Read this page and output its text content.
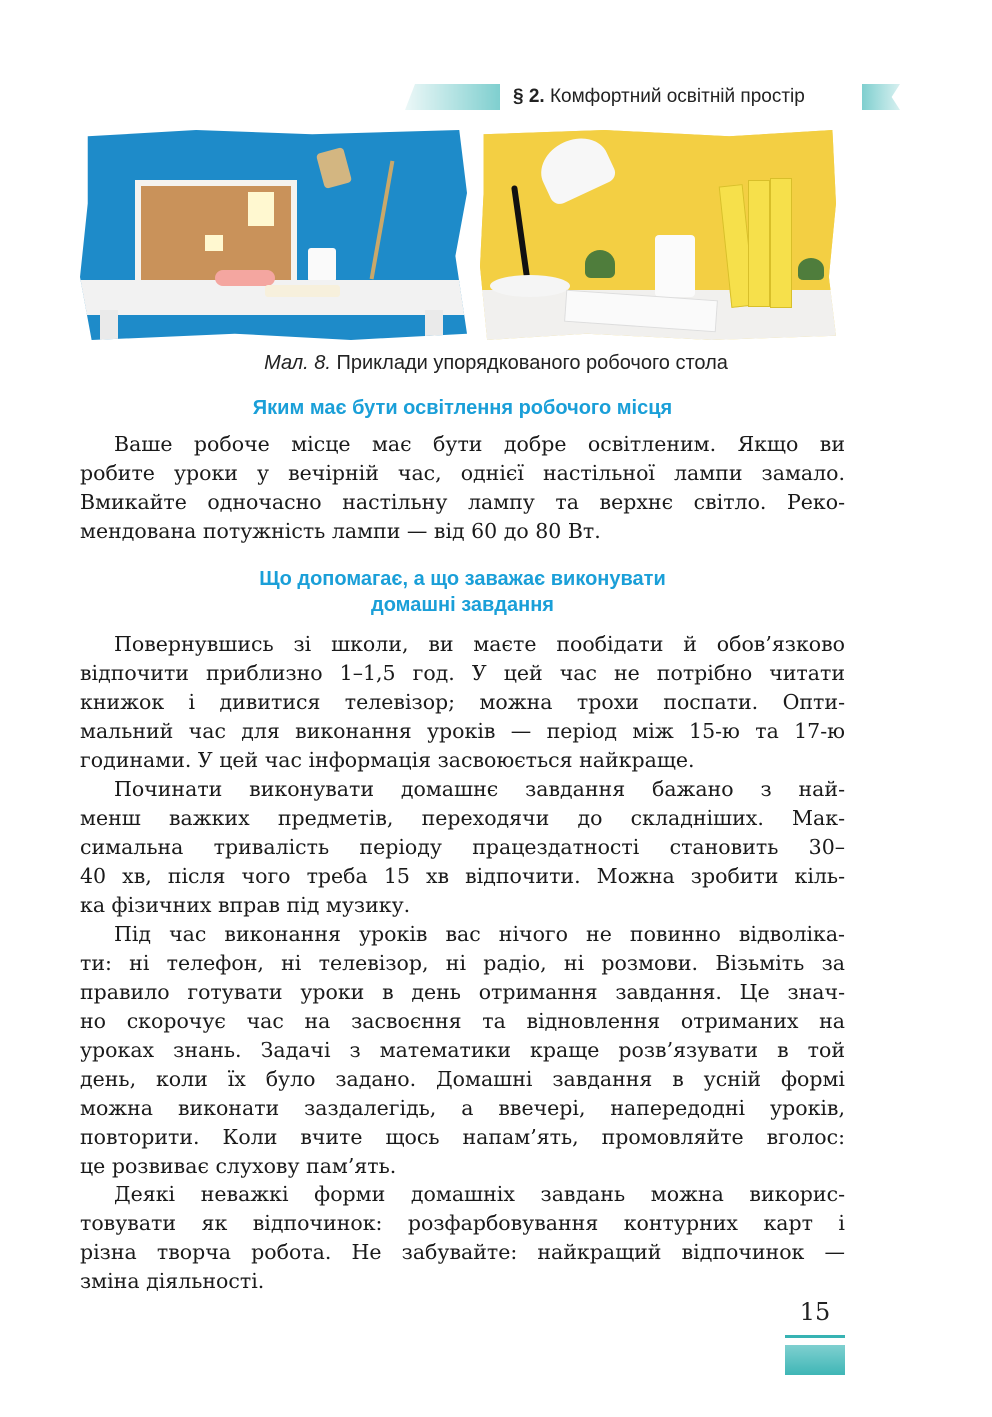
§ 2. Комфортний освітній простір
Мал. 8. Приклади упорядкованого робочого стола
Яким має бути освітлення робочого місця
Ваше робоче місце має бути добре освітленим. Якщо ви
робите уроки у вечірній час, однієї настільної лампи замало.
Вмикайте одночасно настільну лампу та верхнє світло. Реко-
мендована потужність лампи — від 60 до 80 Вт.
Що допомагає, а що заважає виконувати
домашні завдання
Повернувшись зі школи, ви маєте пообідати й обов’язково
відпочити приблизно 1–1,5 год. У цей час не потрібно читати
книжок і дивитися телевізор; можна трохи поспати. Опти-
мальний час для виконання уроків — період між 15-ю та 17-ю
годинами. У цей час інформація засвоюється найкраще.
Починати виконувати домашнє завдання бажано з най-
менш важких предметів, переходячи до складніших. Мак-
симальна тривалість періоду працездатності становить 30–
40 хв, після чого треба 15 хв відпочити. Можна зробити кіль-
ка фізичних вправ під музику.
Під час виконання уроків вас нічого не повинно відволіка-
ти: ні телефон, ні телевізор, ні радіо, ні розмови. Візьміть за
правило готувати уроки в день отримання завдання. Це знач-
но скорочує час на засвоєння та відновлення отриманих на
уроках знань. Задачі з математики краще розв’язувати в той
день, коли їх було задано. Домашні завдання в усній формі
можна виконати заздалегідь, а ввечері, напередодні уроків,
повторити. Коли вчите щось напам’ять, промовляйте вголос:
це розвиває слухову пам’ять.
Деякі неважкі форми домашніх завдань можна викорис-
товувати як відпочинок: розфарбовування контурних карт і
різна творча робота. Не забувайте: найкращий відпочинок —
зміна діяльності.
15
